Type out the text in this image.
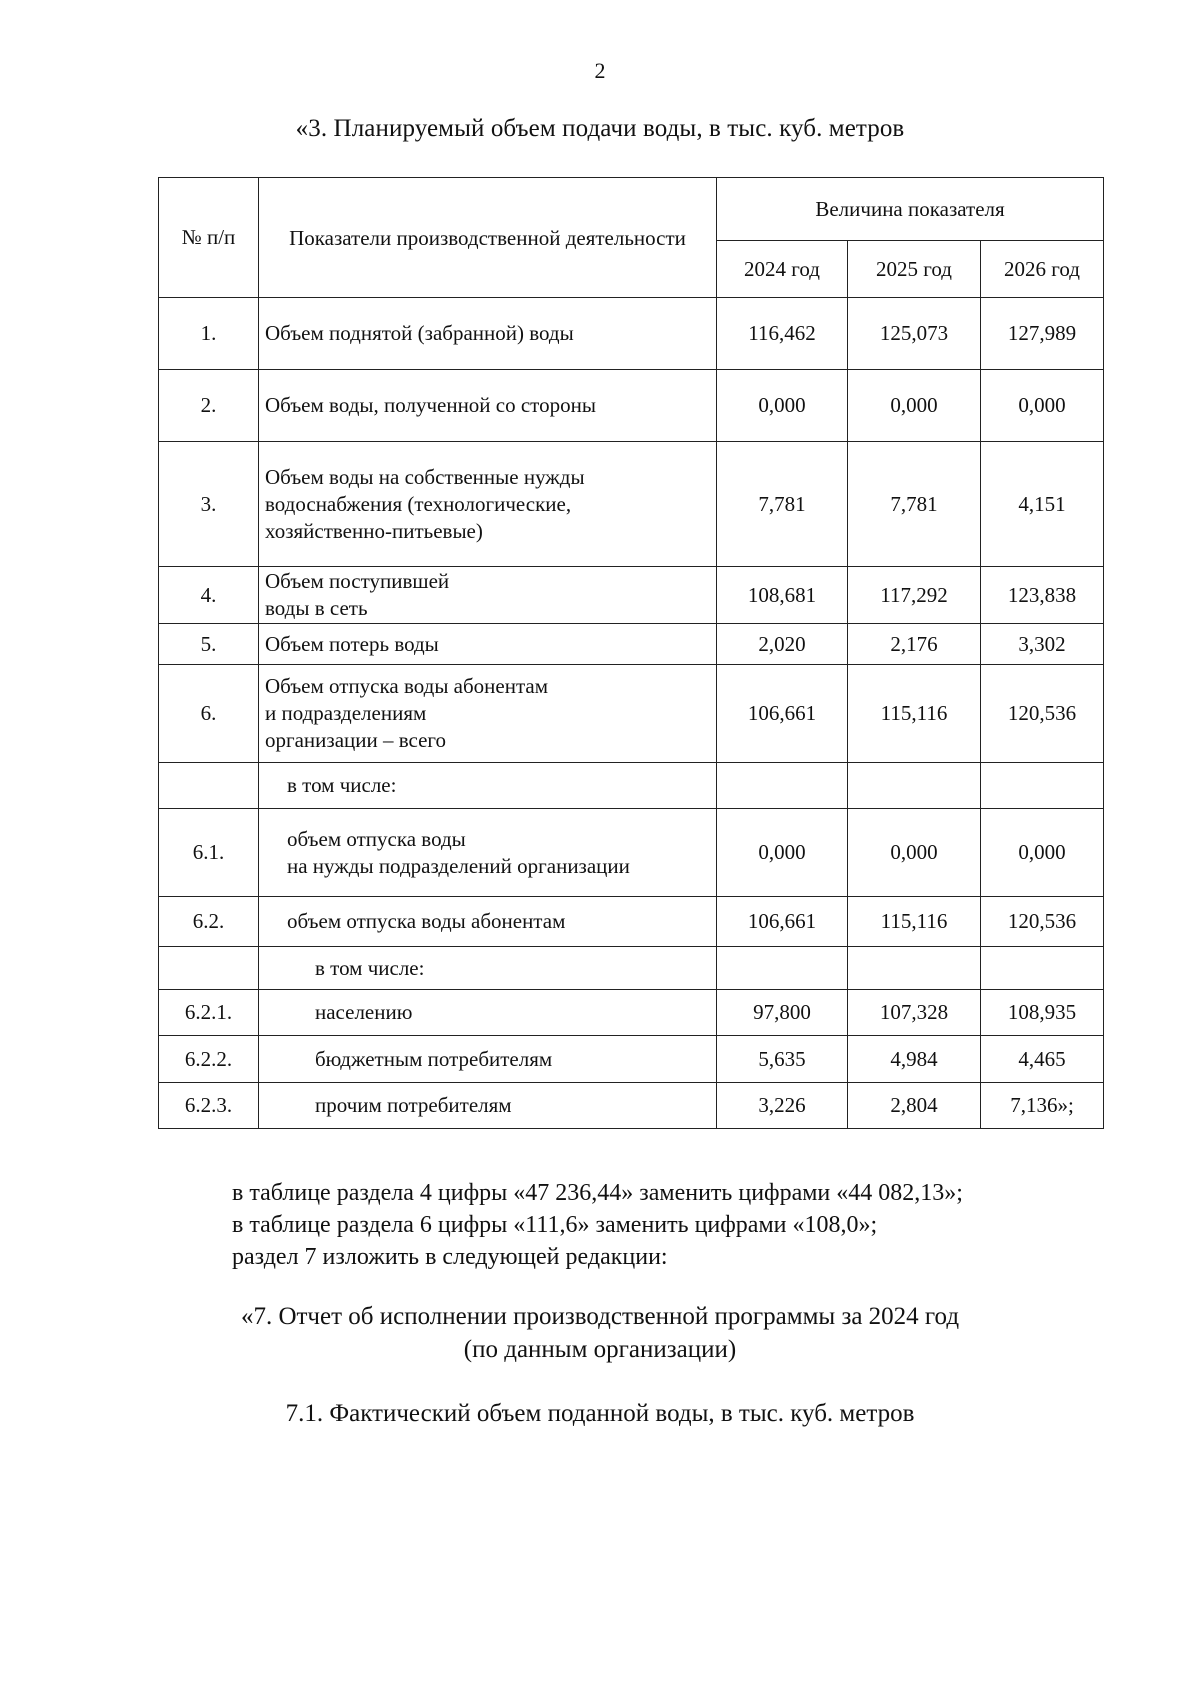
2
«3. Планируемый объем подачи воды, в тыс. куб. метров
№ п/п	Показатели производственной деятельности	Величина показателя		
		2024 год	2025 год	2026 год
1.	Объем поднятой (забранной) воды	116,462	125,073	127,989
2.	Объем воды, полученной со стороны	0,000	0,000	0,000
3.	Объем воды на собственные нужды
водоснабжения (технологические,
хозяйственно-питьевые)	7,781	7,781	4,151
4.	Объем поступившей
воды в сеть	108,681	117,292	123,838
5.	Объем потерь воды	2,020	2,176	3,302
6.	Объем отпуска воды абонентам
и подразделениям
организации – всего	106,661	115,116	120,536

	в том числе:			

6.1.	объем отпуска воды
на нужды подразделений организации	0,000	0,000	0,000
6.2.	объем отпуска воды абонентам	106,661	115,116	120,536

	в том числе:			

6.2.1.	населению	97,800	107,328	108,935
6.2.2.	бюджетным потребителям	5,635	4,984	4,465
6.2.3.	прочим потребителям	3,226	2,804	7,136»;
в таблице раздела 4 цифры «47 236,44» заменить цифрами «44 082,13»;
в таблице раздела 6 цифры «111,6» заменить цифрами «108,0»;
раздел 7 изложить в следующей редакции:
«7. Отчет об исполнении производственной программы за 2024 год
(по данным организации)
7.1. Фактический объем поданной воды, в тыс. куб. метров
